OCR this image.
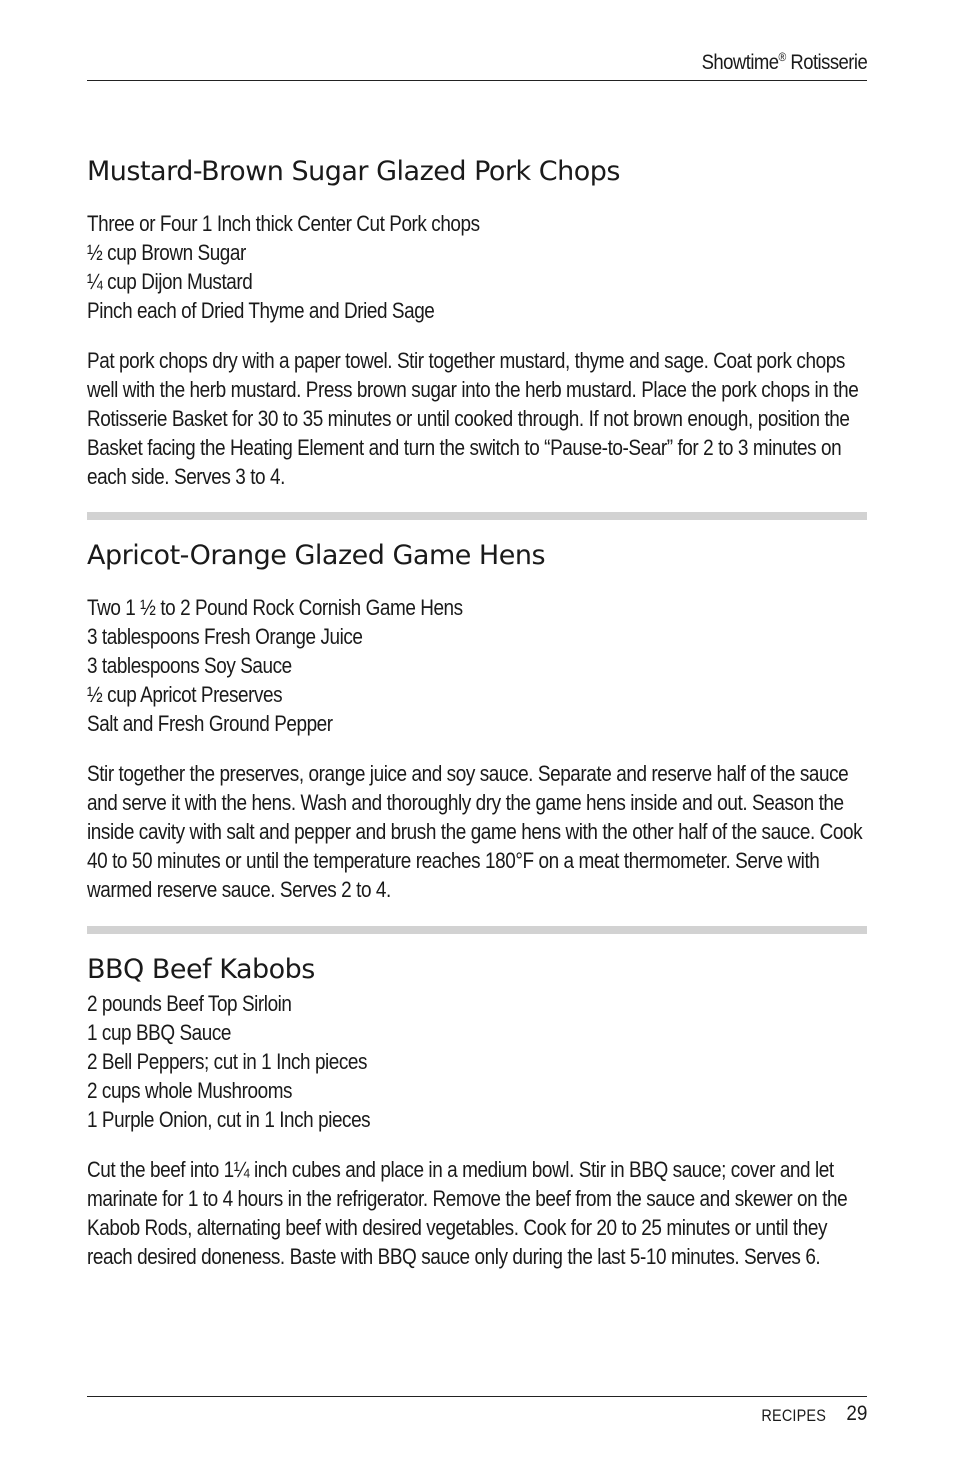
Showtime® Rotisserie
Mustard-Brown Sugar Glazed Pork Chops
Three or Four 1 Inch thick Center Cut Pork chops
½ cup Brown Sugar
¼ cup Dijon Mustard
Pinch each of Dried Thyme and Dried Sage

Pat pork chops dry with a paper towel. Stir together mustard, thyme and sage. Coat pork chops well with the herb mustard. Press brown sugar into the herb mustard. Place the pork chops in the Rotisserie Basket for 30 to 35 minutes or until cooked through. If not brown enough, position the Basket facing the Heating Element and turn the switch to “Pause-to-Sear” for 2 to 3 minutes on each side. Serves 3 to 4.

Apricot-Orange Glazed Game Hens
Two 1 ½ to 2 Pound Rock Cornish Game Hens
3 tablespoons Fresh Orange Juice
3 tablespoons Soy Sauce
½ cup Apricot Preserves
Salt and Fresh Ground Pepper

Stir together the preserves, orange juice and soy sauce. Separate and reserve half of the sauce and serve it with the hens. Wash and thoroughly dry the game hens inside and out. Season the inside cavity with salt and pepper and brush the game hens with the other half of the sauce. Cook 40 to 50 minutes or until the temperature reaches 180°F on a meat thermometer. Serve with warmed reserve sauce. Serves 2 to 4.

BBQ Beef Kabobs
2 pounds Beef Top Sirloin
1 cup BBQ Sauce
2 Bell Peppers; cut in 1 Inch pieces
2 cups whole Mushrooms
1 Purple Onion, cut in 1 Inch pieces

Cut the beef into 1¼ inch cubes and place in a medium bowl. Stir in BBQ sauce; cover and let marinate for 1 to 4 hours in the refrigerator. Remove the beef from the sauce and skewer on the Kabob Rods, alternating beef with desired vegetables. Cook for 20 to 25 minutes or until they reach desired doneness. Baste with BBQ sauce only during the last 5-10 minutes. Serves 6.

RECIPES 29
